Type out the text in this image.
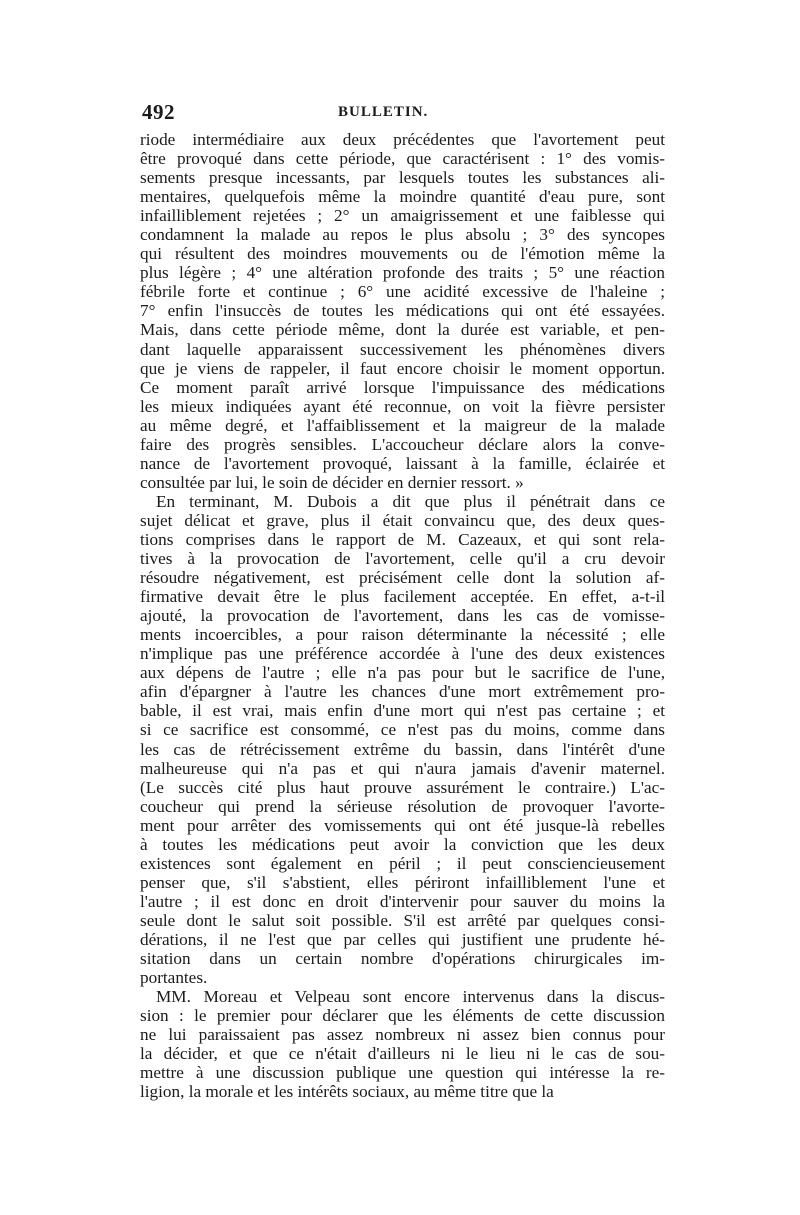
492	BULLETIN.
riode intermédiaire aux deux précédentes que l'avortement peut
être provoqué dans cette période, que caractérisent : 1° des vomis-
sements presque incessants, par lesquels toutes les substances ali-
mentaires, quelquefois même la moindre quantité d'eau pure, sont
infailliblement rejetées ; 2° un amaigrissement et une faiblesse qui
condamnent la malade au repos le plus absolu ; 3° des syncopes
qui résultent des moindres mouvements ou de l'émotion même la
plus légère ; 4° une altération profonde des traits ; 5° une réaction
fébrile forte et continue ; 6° une acidité excessive de l'haleine ;
7° enfin l'insuccès de toutes les médications qui ont été essayées.
Mais, dans cette période même, dont la durée est variable, et pen-
dant laquelle apparaissent successivement les phénomènes divers
que je viens de rappeler, il faut encore choisir le moment opportun.
Ce moment paraît arrivé lorsque l'impuissance des médications
les mieux indiquées ayant été reconnue, on voit la fièvre persister
au même degré, et l'affaiblissement et la maigreur de la malade
faire des progrès sensibles. L'accoucheur déclare alors la conve-
nance de l'avortement provoqué, laissant à la famille, éclairée et
consultée par lui, le soin de décider en dernier ressort. »
En terminant, M. Dubois a dit que plus il pénétrait dans ce
sujet délicat et grave, plus il était convaincu que, des deux ques-
tions comprises dans le rapport de M. Cazeaux, et qui sont rela-
tives à la provocation de l'avortement, celle qu'il a cru devoir
résoudre négativement, est précisément celle dont la solution af-
firmative devait être le plus facilement acceptée. En effet, a-t-il
ajouté, la provocation de l'avortement, dans les cas de vomisse-
ments incoercibles, a pour raison déterminante la nécessité ; elle
n'implique pas une préférence accordée à l'une des deux existences
aux dépens de l'autre ; elle n'a pas pour but le sacrifice de l'une,
afin d'épargner à l'autre les chances d'une mort extrêmement pro-
bable, il est vrai, mais enfin d'une mort qui n'est pas certaine ; et
si ce sacrifice est consommé, ce n'est pas du moins, comme dans
les cas de rétrécissement extrême du bassin, dans l'intérêt d'une
malheureuse qui n'a pas et qui n'aura jamais d'avenir maternel.
(Le succès cité plus haut prouve assurément le contraire.) L'ac-
coucheur qui prend la sérieuse résolution de provoquer l'avorte-
ment pour arrêter des vomissements qui ont été jusque-là rebelles
à toutes les médications peut avoir la conviction que les deux
existences sont également en péril ; il peut consciencieusement
penser que, s'il s'abstient, elles périront infailliblement l'une et
l'autre ; il est donc en droit d'intervenir pour sauver du moins la
seule dont le salut soit possible. S'il est arrêté par quelques consi-
dérations, il ne l'est que par celles qui justifient une prudente hé-
sitation dans un certain nombre d'opérations chirurgicales im-
portantes.
MM. Moreau et Velpeau sont encore intervenus dans la discus-
sion : le premier pour déclarer que les éléments de cette discussion
ne lui paraissaient pas assez nombreux ni assez bien connus pour
la décider, et que ce n'était d'ailleurs ni le lieu ni le cas de sou-
mettre à une discussion publique une question qui intéresse la re-
ligion, la morale et les intérêts sociaux, au même titre que la
